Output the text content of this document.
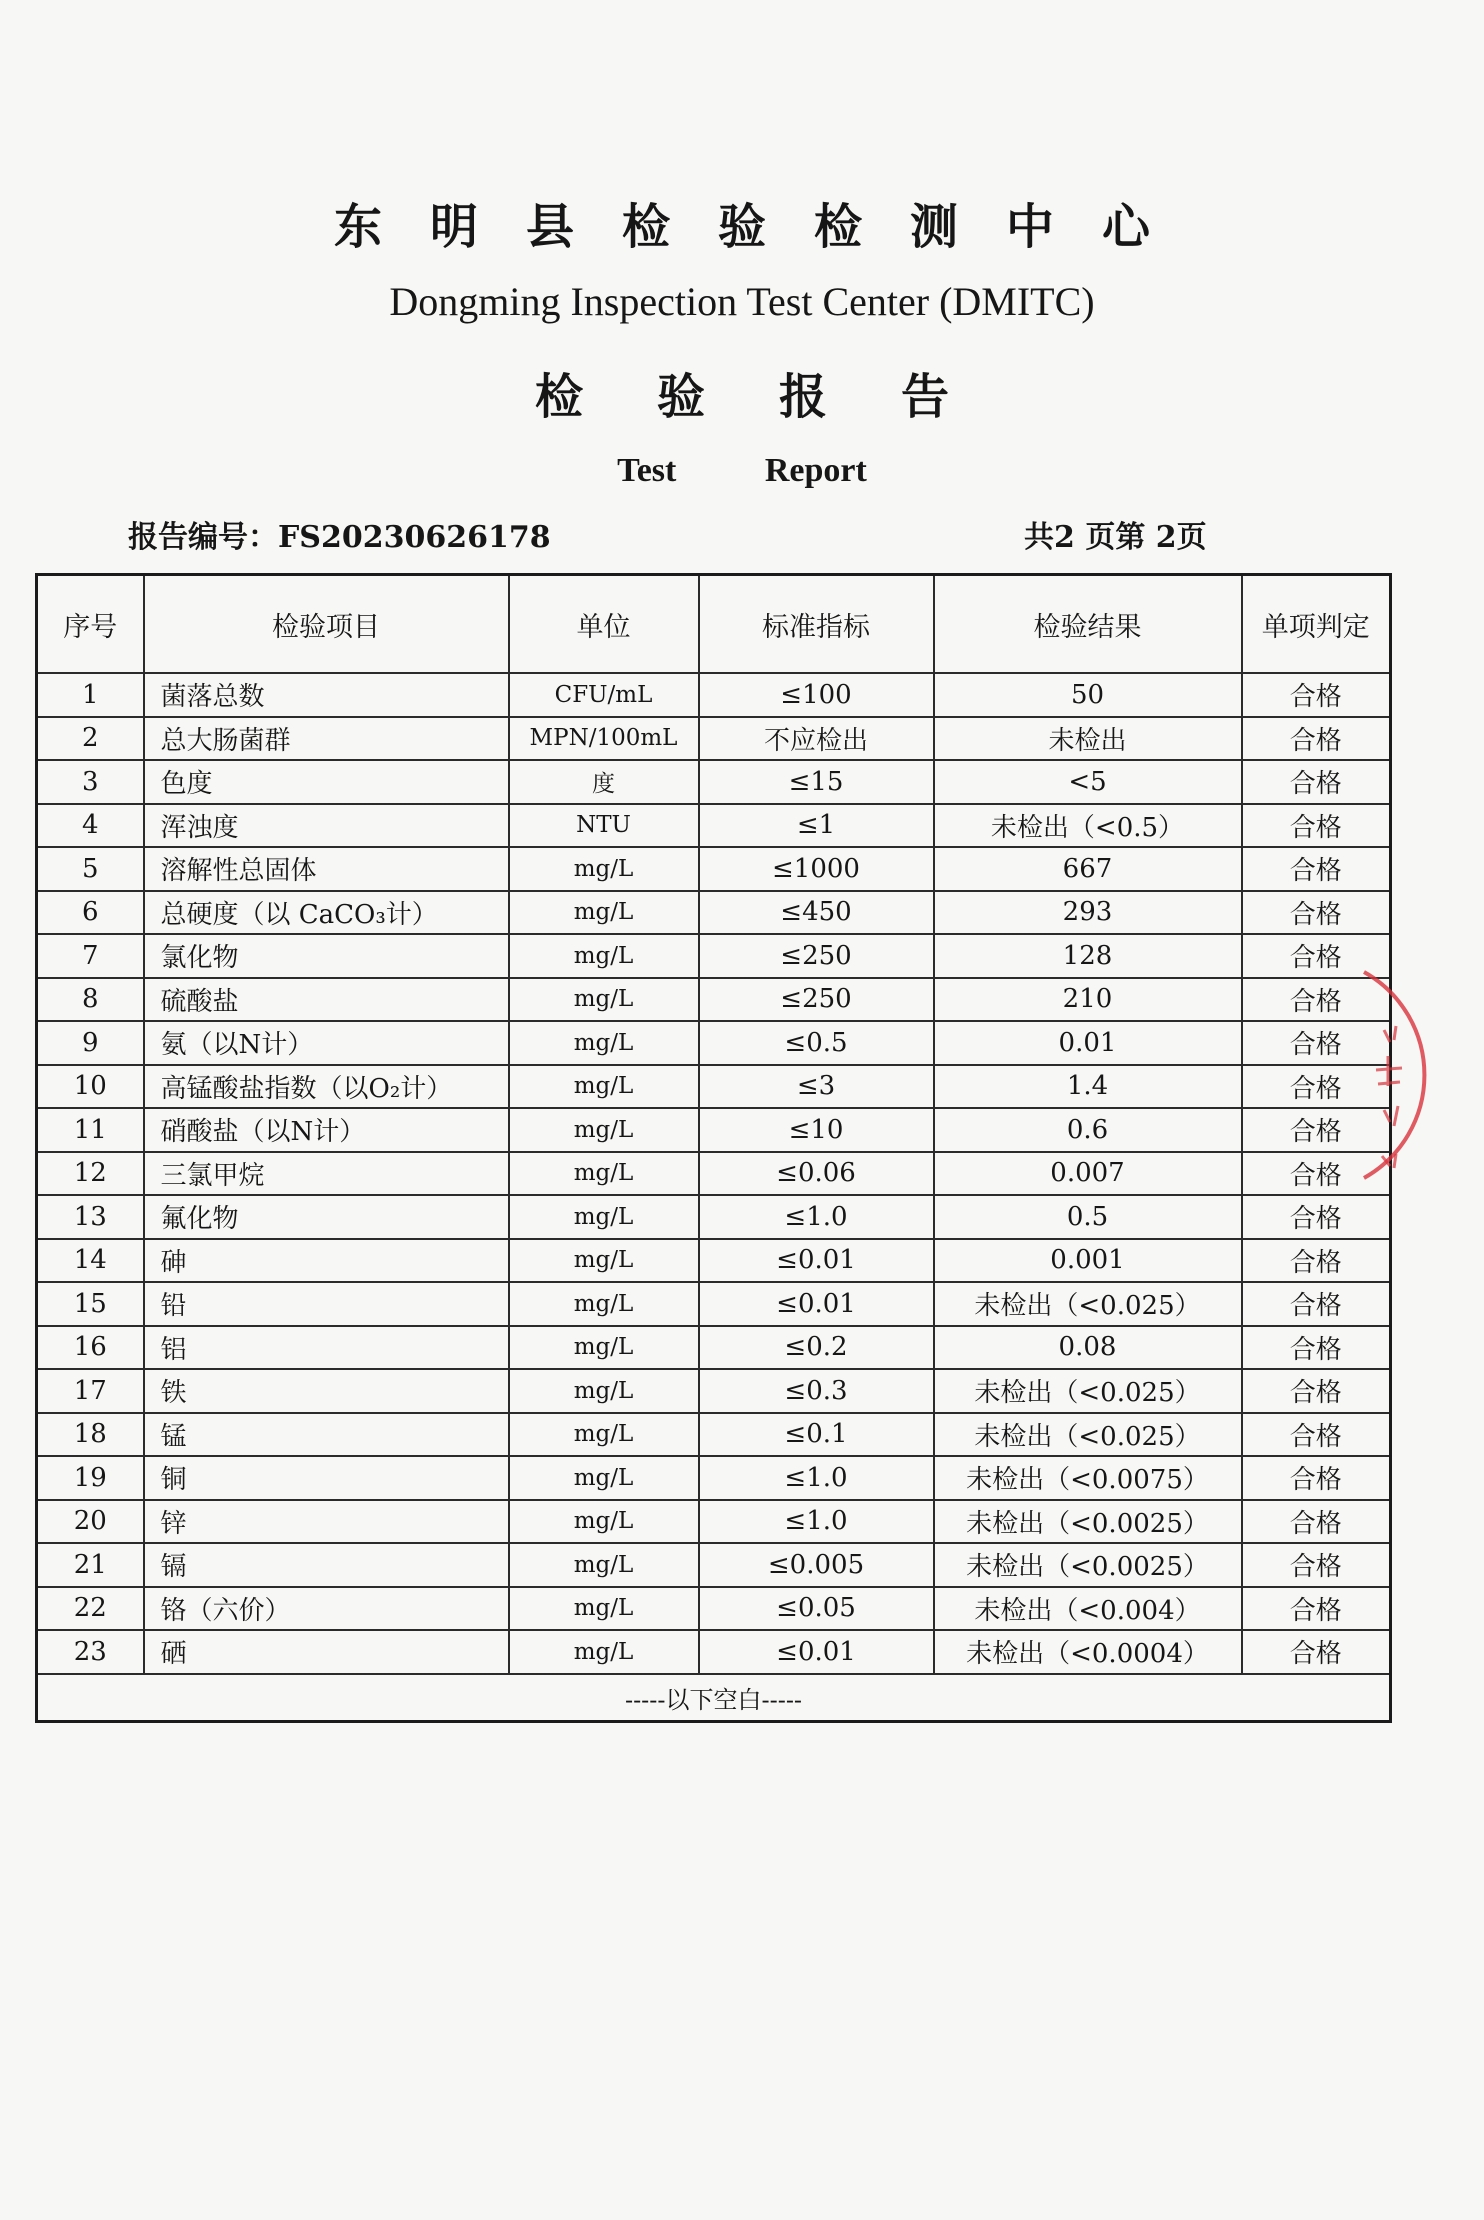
东明县检验检测中心
Dongming Inspection Test Center (DMITC)
检验报告
Test Report
报告编号：FS20230626178	共2 页第 2页
序号	检验项目	单位	标准指标	检验结果	单项判定
1	菌落总数	CFU/mL	≤100	50	合格
2	总大肠菌群	MPN/100mL	不应检出	未检出	合格
3	色度	度	≤15	<5	合格
4	浑浊度	NTU	≤1	未检出（<0.5）	合格
5	溶解性总固体	mg/L	≤1000	667	合格
6	总硬度（以 CaCO₃计）	mg/L	≤450	293	合格
7	氯化物	mg/L	≤250	128	合格
8	硫酸盐	mg/L	≤250	210	合格
9	氨（以N计）	mg/L	≤0.5	0.01	合格
10	高锰酸盐指数（以O₂计）	mg/L	≤3	1.4	合格
11	硝酸盐（以N计）	mg/L	≤10	0.6	合格
12	三氯甲烷	mg/L	≤0.06	0.007	合格
13	氟化物	mg/L	≤1.0	0.5	合格
14	砷	mg/L	≤0.01	0.001	合格
15	铅	mg/L	≤0.01	未检出（<0.025）	合格
16	铝	mg/L	≤0.2	0.08	合格
17	铁	mg/L	≤0.3	未检出（<0.025）	合格
18	锰	mg/L	≤0.1	未检出（<0.025）	合格
19	铜	mg/L	≤1.0	未检出（<0.0075）	合格
20	锌	mg/L	≤1.0	未检出（<0.0025）	合格
21	镉	mg/L	≤0.005	未检出（<0.0025）	合格
22	铬（六价）	mg/L	≤0.05	未检出（<0.004）	合格
23	硒	mg/L	≤0.01	未检出（<0.0004）	合格
-----以下空白-----					
